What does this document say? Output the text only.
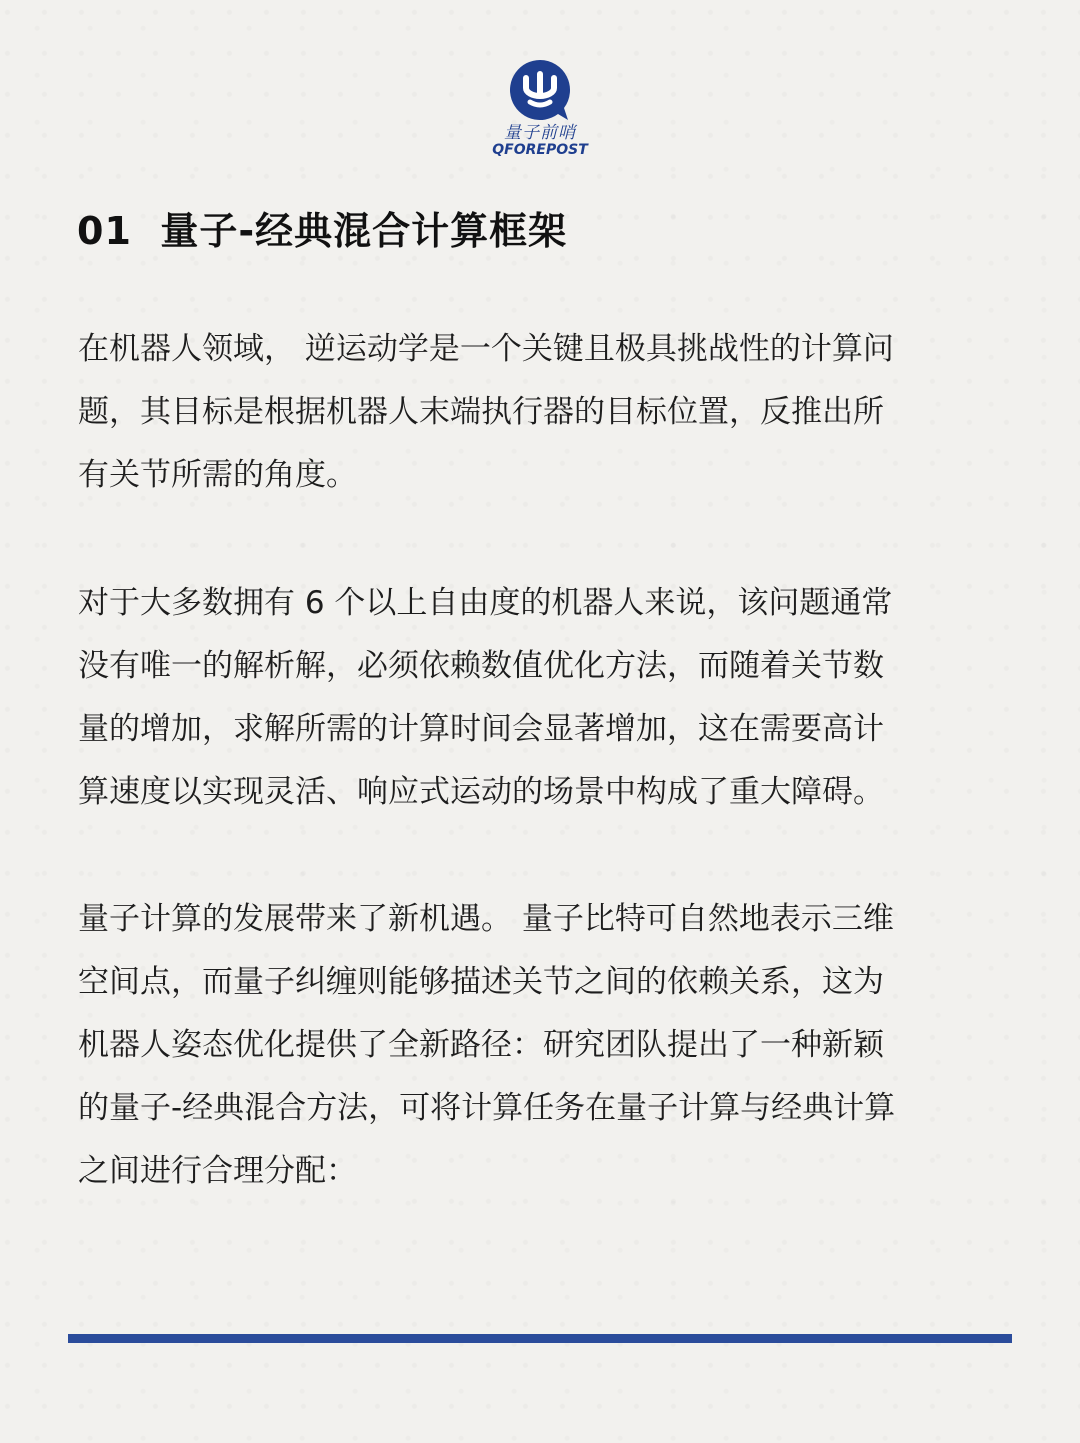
量子前哨
QFOREPOST
01  量子-经典混合计算框架
在机器人领域， 逆运动学是一个关键且极具挑战性的计算问
题，其目标是根据机器人末端执行器的目标位置，反推出所
有关节所需的角度。
对于大多数拥有 6 个以上自由度的机器人来说，该问题通常
没有唯一的解析解，必须依赖数值优化方法，而随着关节数
量的增加，求解所需的计算时间会显著增加，这在需要高计
算速度以实现灵活、响应式运动的场景中构成了重大障碍。
量子计算的发展带来了新机遇。 量子比特可自然地表示三维
空间点，而量子纠缠则能够描述关节之间的依赖关系，这为
机器人姿态优化提供了全新路径：研究团队提出了一种新颖
的量子-经典混合方法，可将计算任务在量子计算与经典计算
之间进行合理分配：
